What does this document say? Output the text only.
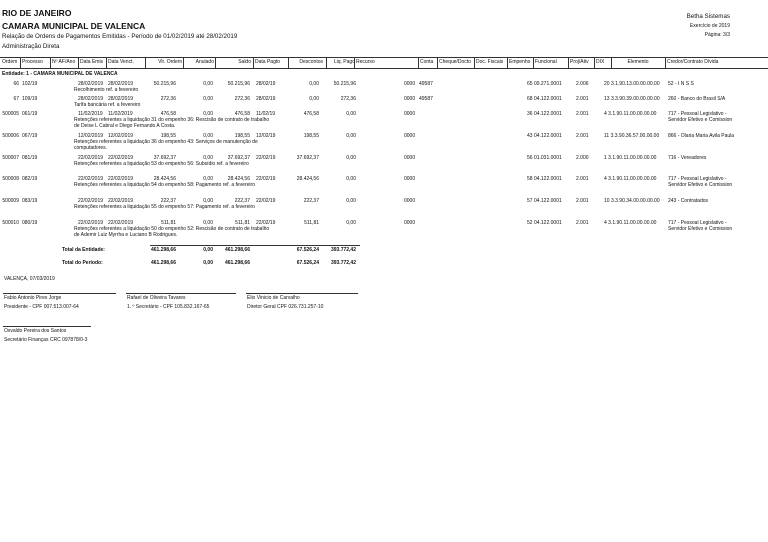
RIO DE JANEIRO
CAMARA MUNICIPAL DE VALENCA
Relação de Ordens de Pagamentos Emitidas - Período de 01/02/2019 até 28/02/2019
Administração Direta
Betha Sistemas
Exercício de 2019
Página: 3/3
Ordem Processo Nº AF/Ano Data Emis Data Venct.	Vlr. Ordem	Anulado	Saldo Data Pagto	Descontos	Liq. Pago Recurso	Conta Cheque/Docto Doc. Fiscais Empenho Funcional	Proj/Ativ DIX	Elemento	Credor/Contrato Dívida
Entidade: 1 - CAMARA MUNICIPAL DE VALENCA
66 102/19	28/02/2019 28/02/2019	50.215,96	0,00	50.215,96 28/02/19	0,00	50.215,96	0000 49587	65 09.271.0001	2.006	20 3.1.90.13.00.00.00.00	52 - I N S S
Recolhimento ref. a fevereiro
67 109/19	28/02/2019 28/02/2019	272,36	0,00	272,36 28/02/19	0,00	272,36	0000 49587	68 04.122.0001	2.001	13 3.3.90.39.00.00.00.00	260 - Banco do Brasil S/A
Tarifa bancária ref. a fevereiro
500005 061/19	11/02/2019 11/02/2019	476,58	0,00	476,58 11/02/19	476,58	0,00	0000	36 04.122.0001	2.001	4 3.1.90.11.00.00.00.00	717 - Pessoal Legislativo - Servidor Efetivo e Comission
Retenções referentes a liquidação 31 do empenho 36: Rescisão de contrato de trabalho de Deise L Cabral e Diego Fernando A Costa.
500006 067/19	12/02/2019 12/02/2019	198,55	0,00	198,55 12/02/19	198,55	0,00	0000	43 04.122.0001	2.001	11 3.3.90.36.57.00.00.00	866 - Olaria Maria Avila Paula
Retenções referentes a liquidação 36 do empenho 43: Serviços de manutenção de computadores.
500007 081/19	22/02/2019 22/02/2019	37.692,37	0,00	37.692,37 22/02/19	37.692,37	0,00	0000	56 01.031.0001	2.000	1 3.1.90.11.00.00.00.00	716 - Vereadores
Retenções referentes a liquidação 53 do empenho 56: Subsídio ref. a fevereiro
500008 082/19	22/02/2019 22/02/2019	28.424,56	0,00	28.424,56 22/02/19	28.424,56	0,00	0000	58 04.122.0001	2.001	4 3.1.90.11.00.00.00.00	717 - Pessoal Legislativo - Servidor Efetivo e Comission
Retenções referentes a liquidação 54 do empenho 58: Pagamento ref. a fevereiro
500009 083/19	22/02/2019 22/02/2019	222,37	0,00	222,37 22/02/19	222,37	0,00	0000	57 04.122.0001	2.001	10 3.3.90.34.00.00.00.00	243 - Contratados
Retenções referentes a liquidação 55 do empenho 57: Pagamento ref. a fevereiro
500010 080/19	22/02/2019 22/02/2019	511,81	0,00	511,81 22/02/19	511,81	0,00	0000	52 04.122.0001	2.001	4 3.1.90.11.00.00.00.00	717 - Pessoal Legislativo - Servidor Efetivo e Comission
Retenções referentes a liquidação 50 do empenho 52: Rescisão de contrato de trabalho de Ademir Luiz Myrrha e Luciano B Rodrigues.
Total da Entidade:	461.298,66	0,00	461.298,66	67.526,24	393.772,42
Total do Período:	461.298,66	0,00	461.298,66	67.526,24	393.772,42
VALENÇA, 07/03/2019
Fabio Antonio Pires Jorge
Presidente - CPF 007.513.007-64
Rafael de Oliveira Tavares
1. º Secretário - CPF 105.832.167-65
Élio Vinicio de Carvalho
Diretor Geral CPF 026.731.257-10
Osvaldo Pereira dos Santos
Secretário Finanças CRC 097878/0-3
